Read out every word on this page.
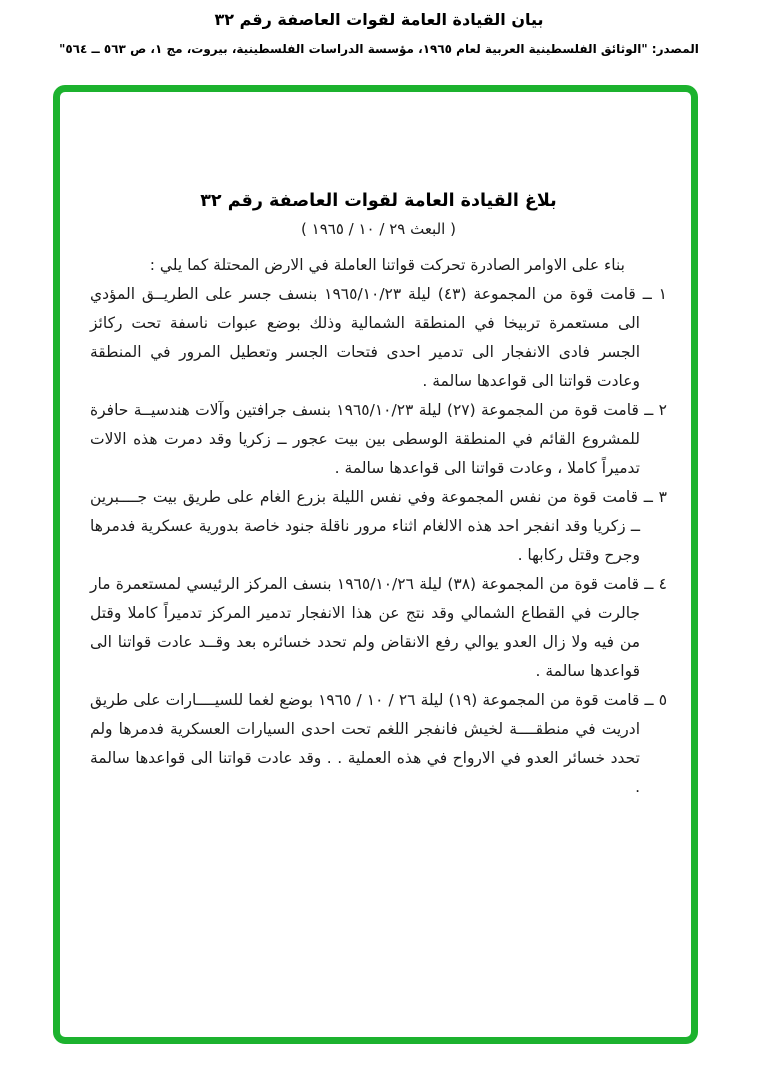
بيان القيادة العامة لقوات العاصفة رقم ٣٢
المصدر: "الوثائق الفلسطينية العربية لعام ١٩٦٥، مؤسسة الدراسات الفلسطينية، بيروت، مج ١، ص ٥٦٣ ــ ٥٦٤"
بلاغ القيادة العامة لقوات العاصفة رقم ٣٢
( البعث ٢٩ / ١٠ / ١٩٦٥ )
بناء على الاوامر الصادرة تحركت قواتنا العاملة في الارض المحتلة كما يلي :
١ ــ قامت قوة من المجموعة (٤٣) ليلة ١٩٦٥/١٠/٢٣ بنسف جسر على الطريــق المؤدي الى مستعمرة تربيخا في المنطقة الشمالية وذلك بوضع عبوات ناسفة تحت ركائز الجسر فادى الانفجار الى تدمير احدى فتحات الجسر وتعطيل المرور في المنطقة وعادت قواتنا الى قواعدها سالمة .
٢ ــ قامت قوة من المجموعة (٢٧) ليلة ١٩٦٥/١٠/٢٣ بنسف جرافتين وآلات هندسيــة حافرة للمشروع القائم في المنطقة الوسطى بين بيت عجور ــ زكريا وقد دمرت هذه الالات تدميراً كاملا ، وعادت قواتنا الى قواعدها سالمة .
٣ ــ قامت قوة من نفس المجموعة وفي نفس الليلة بزرع الغام على طريق بيت جــــبرين ــ زكريا وقد انفجر احد هذه الالغام اثناء مرور ناقلة جنود خاصة بدورية عسكرية فدمرها وجرح وقتل ركابها .
٤ ــ قامت قوة من المجموعة (٣٨) ليلة ١٩٦٥/١٠/٢٦ بنسف المركز الرئيسي لمستعمرة مار جالرت في القطاع الشمالي وقد نتج عن هذا الانفجار تدمير المركز تدميراً كاملا وقتل من فيه ولا زال العدو يوالي رفع الانقاض ولم تحدد خسائره بعد وقــد عادت قواتنا الى قواعدها سالمة .
٥ ــ قامت قوة من المجموعة (١٩) ليلة ٢٦ / ١٠ / ١٩٦٥ بوضع لغما للسيــــارات على طريق ادريت في منطقــــة لخيش فانفجر اللغم تحت احدى السيارات العسكرية فدمرها ولم تحدد خسائر العدو في الارواح في هذه العملية . . وقد عادت قواتنا الى قواعدها سالمة .
